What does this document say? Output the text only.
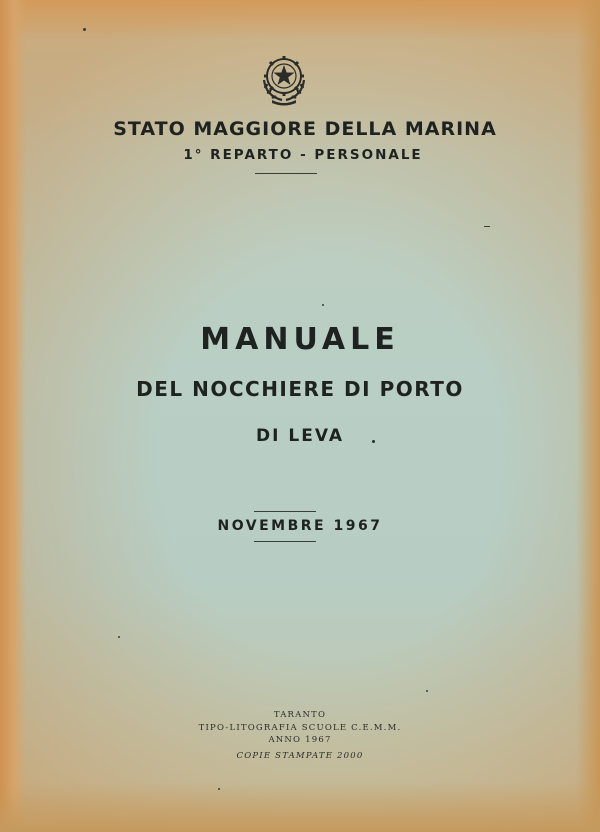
STATO MAGGIORE DELLA MARINA
1° REPARTO - PERSONALE
MANUALE
DEL NOCCHIERE DI PORTO
DI LEVA
NOVEMBRE 1967
TARANTO
TIPO-LITOGRAFIA SCUOLE C.E.M.M.
ANNO 1967
COPIE STAMPATE 2000
